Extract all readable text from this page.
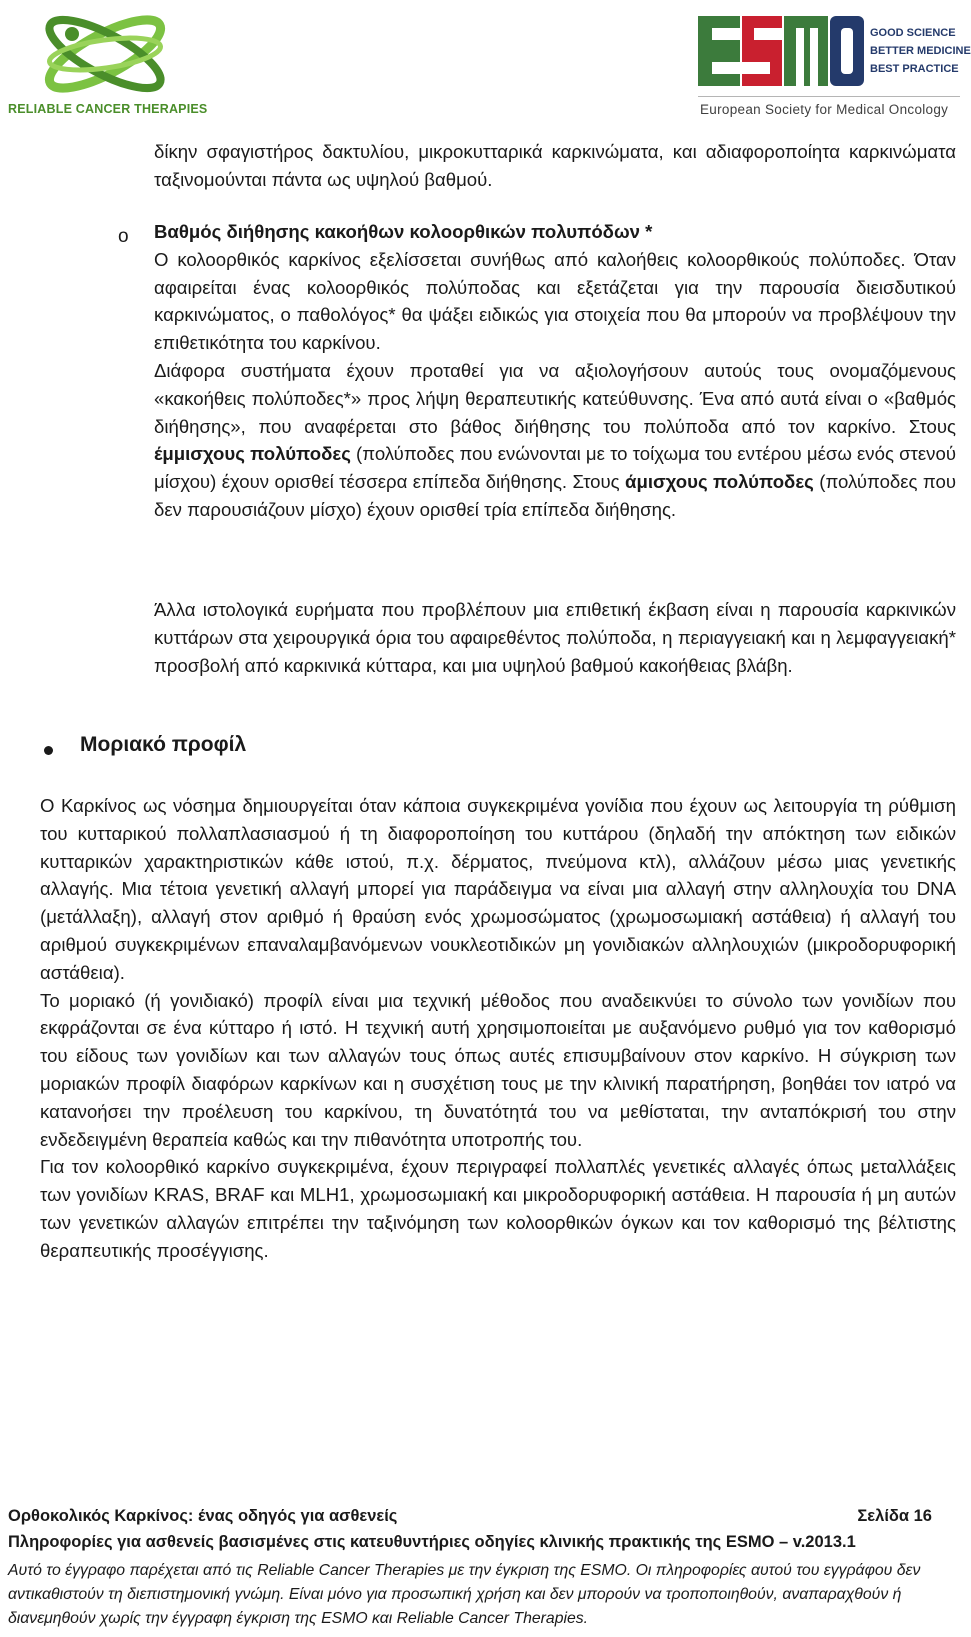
RELIABLE CANCER THERAPIES
GOOD SCIENCE
BETTER MEDICINE
BEST PRACTICE
European Society for Medical Oncology

δίκην σφαγιστήρος δακτυλίου, μικροκυτταρικά καρκινώματα, και αδιαφοροποίητα καρκινώματα ταξινομούνται πάντα ως υψηλού βαθμού.

o Βαθμός διήθησης κακοήθων κολοορθικών πολυπόδων *

Ο κολοορθικός καρκίνος εξελίσσεται συνήθως από καλοήθεις κολοορθικούς πολύποδες. Όταν αφαιρείται ένας κολοορθικός πολύποδας και εξετάζεται για την παρουσία διεισδυτικού καρκινώματος, ο παθολόγος* θα ψάξει ειδικώς για στοιχεία που θα μπορούν να προβλέψουν την επιθετικότητα του καρκίνου.

Διάφορα συστήματα έχουν προταθεί για να αξιολογήσουν αυτούς τους ονομαζόμενους «κακοήθεις πολύποδες*» προς λήψη θεραπευτικής κατεύθυνσης. Ένα από αυτά είναι ο «βαθμός διήθησης», που αναφέρεται στο βάθος διήθησης του πολύποδα από τον καρκίνο. Στους έμμισχους πολύποδες (πολύποδες που ενώνονται με το τοίχωμα του εντέρου μέσω ενός στενού μίσχου) έχουν ορισθεί τέσσερα επίπεδα διήθησης. Στους άμισχους πολύποδες (πολύποδες που δεν παρουσιάζουν μίσχο) έχουν ορισθεί τρία επίπεδα διήθησης.

Άλλα ιστολογικά ευρήματα που προβλέπουν μια επιθετική έκβαση είναι η παρουσία καρκινικών κυττάρων στα χειρουργικά όρια του αφαιρεθέντος πολύποδα, η περιαγγειακή και η λεμφαγγειακή* προσβολή από καρκινικά κύτταρα, και μια υψηλού βαθμού κακοήθειας βλάβη.

Μοριακό προφίλ

Ο Καρκίνος ως νόσημα δημιουργείται όταν κάποια συγκεκριμένα γονίδια που έχουν ως λειτουργία τη ρύθμιση του κυτταρικού πολλαπλασιασμού ή τη διαφοροποίηση του κυττάρου (δηλαδή την απόκτηση των ειδικών κυτταρικών χαρακτηριστικών κάθε ιστού, π.χ. δέρματος, πνεύμονα κτλ), αλλάζουν μέσω μιας γενετικής αλλαγής. Μια τέτοια γενετική αλλαγή μπορεί για παράδειγμα να είναι μια αλλαγή στην αλληλουχία του DNA (μετάλλαξη), αλλαγή στον αριθμό ή θραύση ενός χρωμοσώματος (χρωμοσωμιακή αστάθεια) ή αλλαγή του αριθμού συγκεκριμένων επαναλαμβανόμενων νουκλεοτιδικών μη γονιδιακών αλληλουχιών (μικροδορυφορική αστάθεια).

Το μοριακό (ή γονιδιακό) προφίλ είναι μια τεχνική μέθοδος που αναδεικνύει το σύνολο των γονιδίων που εκφράζονται σε ένα κύτταρο ή ιστό. Η τεχνική αυτή χρησιμοποιείται με αυξανόμενο ρυθμό για τον καθορισμό του είδους των γονιδίων και των αλλαγών τους όπως αυτές επισυμβαίνουν στον καρκίνο. Η σύγκριση των μοριακών προφίλ διαφόρων καρκίνων και η συσχέτιση τους με την κλινική παρατήρηση, βοηθάει τον ιατρό να κατανοήσει την προέλευση του καρκίνου, τη δυνατότητά του να μεθίσταται, την ανταπόκρισή του στην ενδεδειγμένη θεραπεία καθώς και την πιθανότητα υποτροπής του.

Για τον κολοορθικό καρκίνο συγκεκριμένα, έχουν περιγραφεί πολλαπλές γενετικές αλλαγές όπως μεταλλάξεις των γονιδίων KRAS, BRAF και MLH1, χρωμοσωμιακή και μικροδορυφορική αστάθεια. Η παρουσία ή μη αυτών των γενετικών αλλαγών επιτρέπει την ταξινόμηση των κολοορθικών όγκων και τον καθορισμό της βέλτιστης θεραπευτικής προσέγγισης.

Ορθοκολικός Καρκίνος: ένας οδηγός για ασθενείς	Σελίδα 16
Πληροφορίες για ασθενείς βασισμένες στις κατευθυντήριες οδηγίες κλινικής πρακτικής της ESMO – v.2013.1
Αυτό το έγγραφο παρέχεται από τις Reliable Cancer Therapies με την έγκριση της ESMO. Οι πληροφορίες αυτού του εγγράφου δεν αντικαθιστούν τη διεπιστημονική γνώμη. Είναι μόνο για προσωπική χρήση και δεν μπορούν να τροποποιηθούν, αναπαραχθούν ή διανεμηθούν χωρίς την έγγραφη έγκριση της ESMO και Reliable Cancer Therapies.
